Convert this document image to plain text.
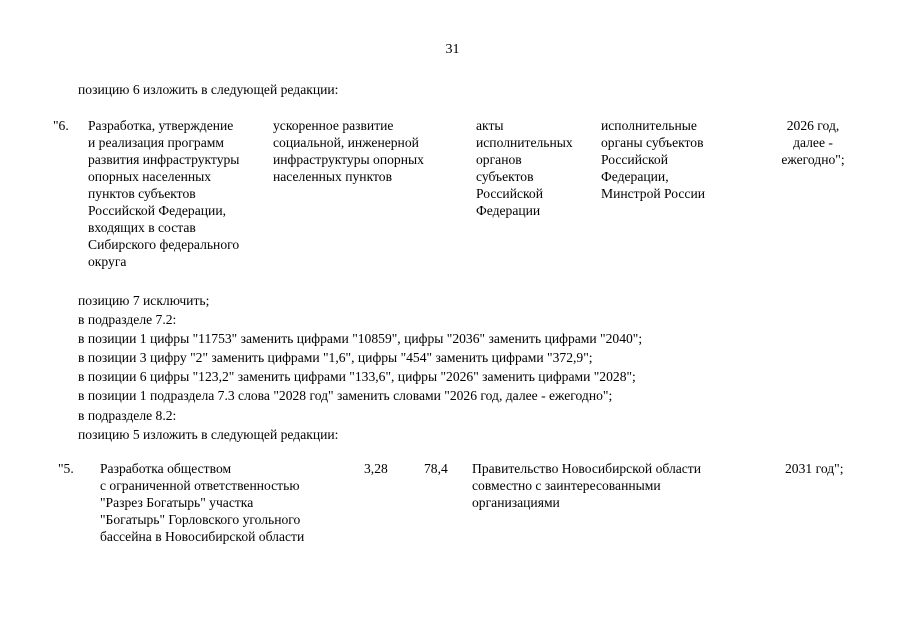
31
позицию 6 изложить в следующей редакции:
"6. Разработка, утверждение
и реализация программ
развития инфраструктуры
опорных населенных
пунктов субъектов
Российской Федерации,
входящих в состав
Сибирского федерального
округа
ускоренное развитие
социальной, инженерной
инфраструктуры опорных
населенных пунктов
акты
исполнительных
органов
субъектов
Российской
Федерации
исполнительные
органы субъектов
Российской
Федерации,
Минстрой России
2026 год,
далее -
ежегодно";
позицию 7 исключить;
в подразделе 7.2:
в позиции 1 цифры "11753" заменить цифрами "10859", цифры "2036" заменить цифрами "2040";
в позиции 3 цифру "2" заменить цифрами "1,6", цифры "454" заменить цифрами "372,9";
в позиции 6 цифры "123,2" заменить цифрами "133,6", цифры "2026" заменить цифрами "2028";
в позиции 1 подраздела 7.3 слова "2028 год" заменить словами "2026 год, далее - ежегодно";
в подразделе 8.2:
позицию 5 изложить в следующей редакции:
"5. Разработка обществом
с ограниченной ответственностью
"Разрез Богатырь" участка
"Богатырь" Горловского угольного
бассейна в Новосибирской области
3,28	78,4 Правительство Новосибирской области
совместно с заинтересованными
организациями
2031 год";
